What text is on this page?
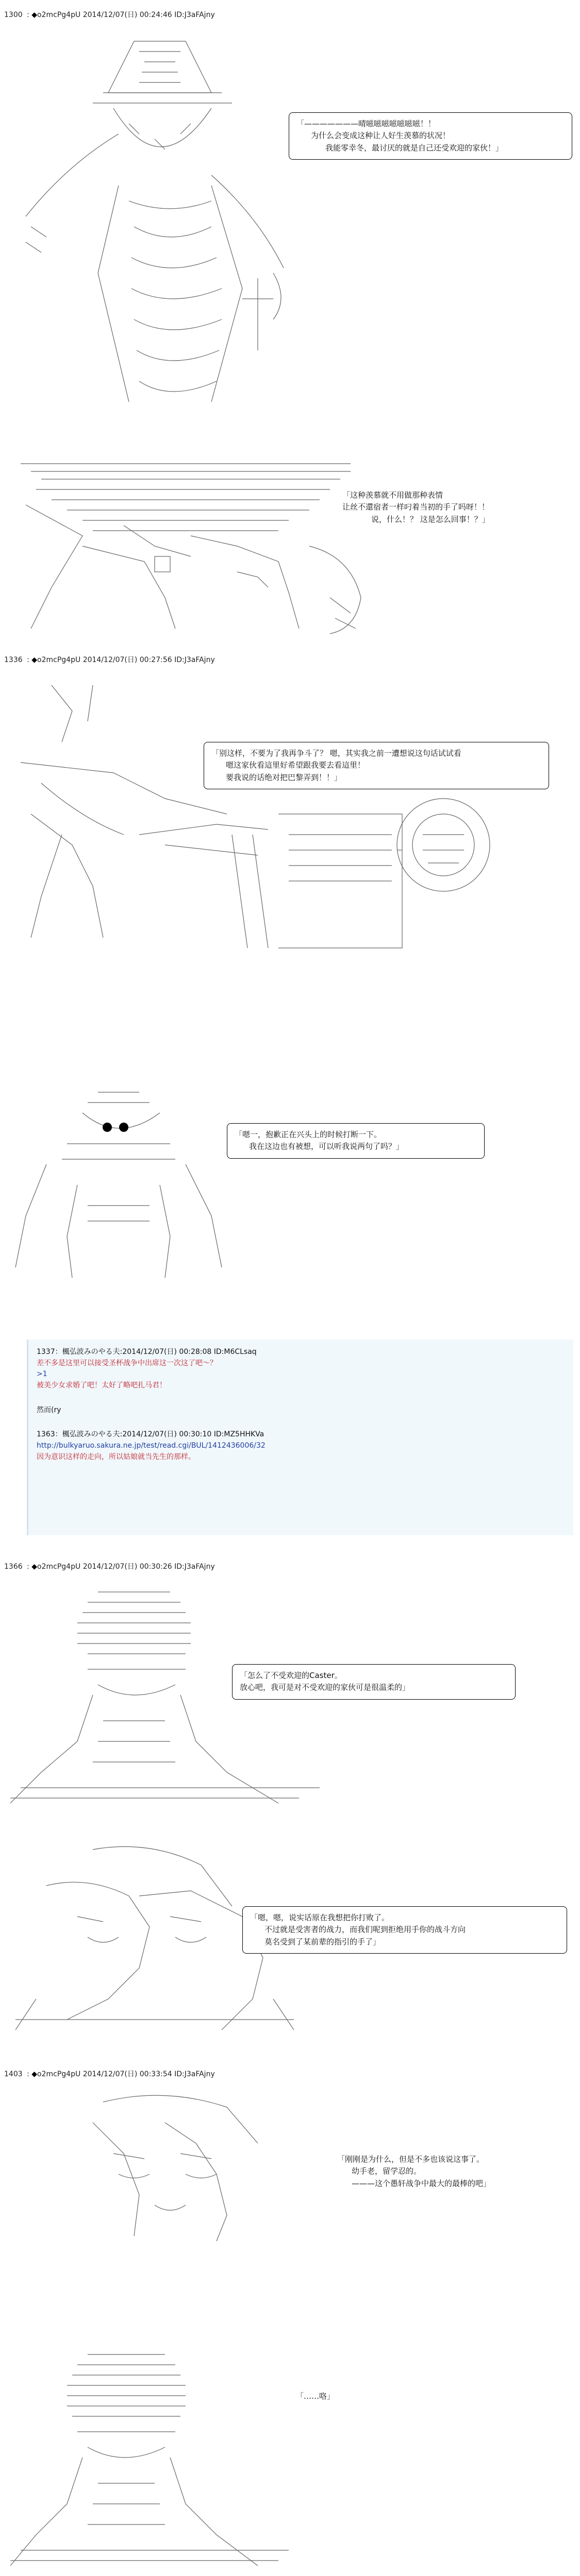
1300 : ◆o2mcPg4pU 2014/12/07(日) 00:24:46 ID:J3aFAjny
「———————晴嗞嗞嗞嗞嗞嗞嗞！！
为什么会变成这种让人好生羡慕的状况！
我能零幸冬，最讨厌的就是自己还受欢迎的家伙！」
「这种羡慕就不用做那种表情
让丝不還宿者一样叼着当初的手了吗呀！！
说，什么！？ 这是怎么回事！？」
1336 : ◆o2mcPg4pU 2014/12/07(日) 00:27:56 ID:J3aFAjny
「别这样，不要为了我再争斗了？ 嗯，其实我之前一遭想说这句话试试看
嗯这家伙看這里好希望跟我要去看這里！
要我说的话绝对把巴黎弄到！！」
「嗯一，抱歉正在兴头上的时候打断一下。
我在这边也有被想，可以听我说两句了吗？」
1337：楓弘波みのやる夫:2014/12/07(日) 00:28:08 ID:M6CLsaq
差不多是这里可以接受圣杯战争中出席这一次这了吧～？
>1
被美少女求婚了吧！太好了略吧扎马君！
然而(ry
1363：楓弘波みのやる夫:2014/12/07(日) 00:30:10 ID:MZ5HHKVa
http://bulkyaruo.sakura.ne.jp/test/read.cgi/BUL/1412436006/32
因为意识这样的走向，所以姑娘就当先生的那样。
1366 : ◆o2mcPg4pU 2014/12/07(日) 00:30:26 ID:J3aFAjny
「怎么了不受欢迎的Caster。
放心吧，我可是对不受欢迎的家伙可是很温柔的」
「嗯，嗯，说实话原在我想把你打败了。
不过就是受害者的战力，而我们呢到拒绝用手你的战斗方向
莫名受到了某前辈的指引的手了」
1403 : ◆o2mcPg4pU 2014/12/07(日) 00:33:54 ID:J3aFAjny
「刚刚是为什么，但是不多也该说这事了。
幼手老，留学忍的。
———这个愚轩战争中最大的最棒的吧」
「……咯」
